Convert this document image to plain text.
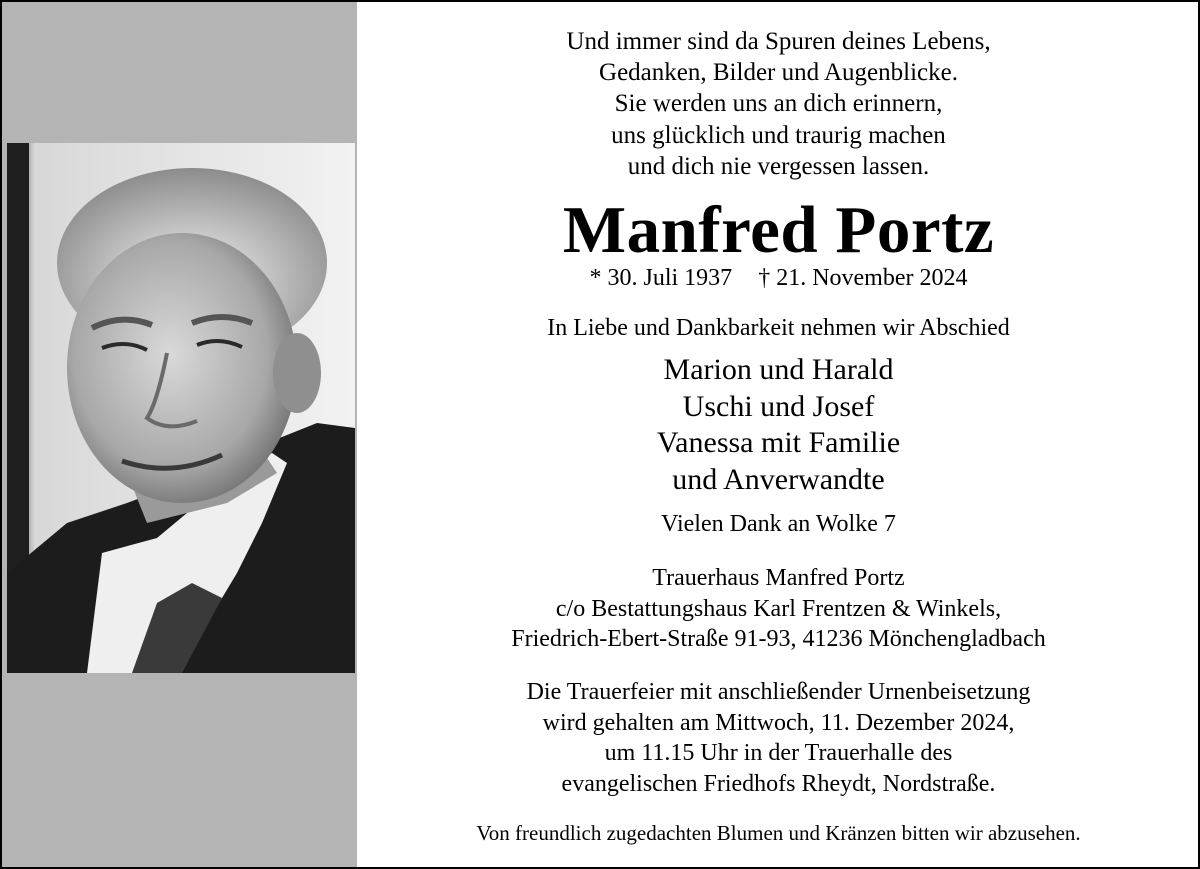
Und immer sind da Spuren deines Lebens,
Gedanken, Bilder und Augenblicke.
Sie werden uns an dich erinnern,
uns glücklich und traurig machen
und dich nie vergessen lassen.
Manfred Portz
* 30. Juli 1937 † 21. November 2024
In Liebe und Dankbarkeit nehmen wir Abschied
Marion und Harald
Uschi und Josef
Vanessa mit Familie
und Anverwandte
Vielen Dank an Wolke 7
Trauerhaus Manfred Portz
c/o Bestattungshaus Karl Frentzen & Winkels,
Friedrich-Ebert-Straße 91-93, 41236 Mönchengladbach
Die Trauerfeier mit anschließender Urnenbeisetzung
wird gehalten am Mittwoch, 11. Dezember 2024,
um 11.15 Uhr in der Trauerhalle des
evangelischen Friedhofs Rheydt, Nordstraße.
Von freundlich zugedachten Blumen und Kränzen bitten wir abzusehen.
